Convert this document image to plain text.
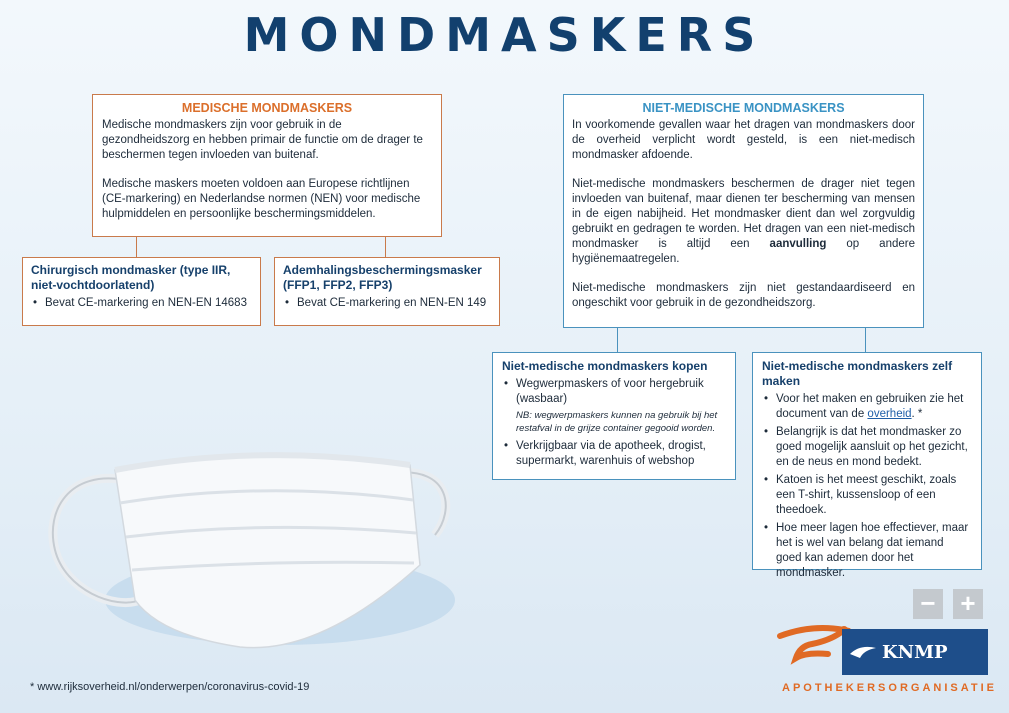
MONDMASKERS
MEDISCHE MONDMASKERS

Medische mondmaskers zijn voor gebruik in de gezondheidszorg en hebben primair de functie om de drager te beschermen tegen invloeden van buitenaf.

Medische maskers moeten voldoen aan Europese richtlijnen (CE-markering) en Nederlandse normen (NEN) voor medische hulpmiddelen en persoonlijke beschermingsmiddelen.

Chirurgisch mondmasker (type IIR, niet-vochtdoorlatend)
• Bevat CE-markering en NEN-EN 14683
Ademhalingsbeschermingsmasker (FFP1, FFP2, FFP3)
• Bevat CE-markering en NEN-EN 149
NIET-MEDISCHE MONDMASKERS

In voorkomende gevallen waar het dragen van mondmaskers door de overheid verplicht wordt gesteld, is een niet-medisch mondmasker afdoende.

Niet-medische mondmaskers beschermen de drager niet tegen invloeden van buitenaf, maar dienen ter bescherming van mensen in de eigen nabijheid. Het mondmasker dient dan wel zorgvuldig gebruikt en gedragen te worden. Het dragen van een niet-medisch mondmasker is altijd een aanvulling op andere hygiënemaatregelen.

Niet-medische mondmaskers zijn niet gestandaardiseerd en ongeschikt voor gebruik in de gezondheidszorg.

Niet-medische mondmaskers kopen
• Wegwerpmaskers of voor hergebruik (wasbaar)
NB: wegwerpmaskers kunnen na gebruik bij het restafval in de grijze container gegooid worden.
• Verkrijgbaar via de apotheek, drogist, supermarkt, warenhuis of webshop
Niet-medische mondmaskers zelf maken
• Voor het maken en gebruiken zie het document van de overheid. *
• Belangrijk is dat het mondmasker zo goed mogelijk aansluit op het gezicht, en de neus en mond bedekt.
• Katoen is het meest geschikt, zoals een T-shirt, kussensloop of een theedoek.
• Hoe meer lagen hoe effectiever, maar het is wel van belang dat iemand goed kan ademen door het mondmasker.
− +
* www.rijksoverheid.nl/onderwerpen/coronavirus-covid-19
KNMP
APOTHEKERSORGANISATIE
